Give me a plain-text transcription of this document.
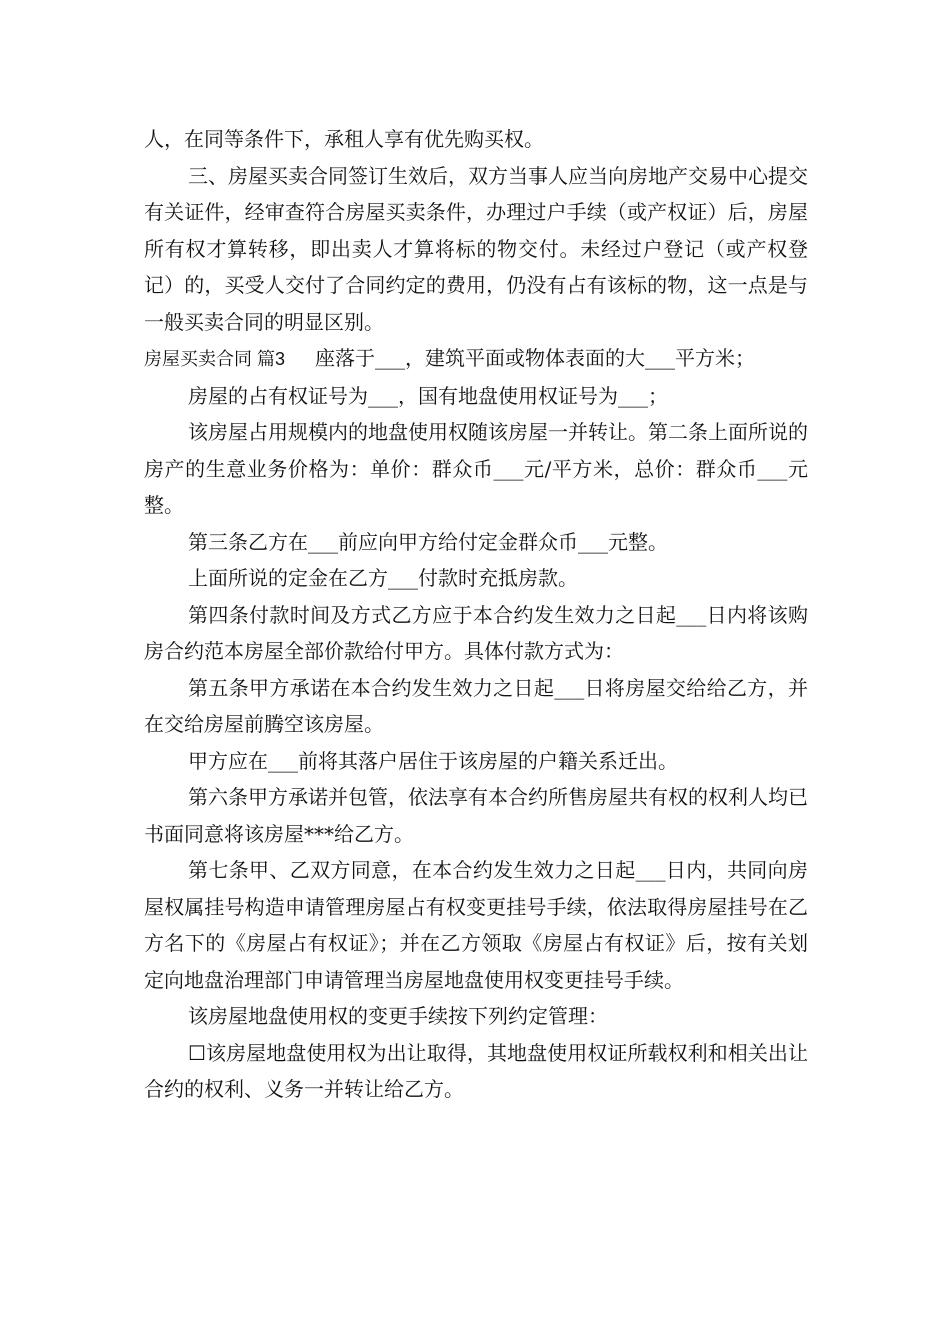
人，在同等条件下，承租人享有优先购买权。

三、房屋买卖合同签订生效后，双方当事人应当向房地产交易中心提交有关证件，经审查符合房屋买卖条件，办理过户手续（或产权证）后，房屋所有权才算转移，即出卖人才算将标的物交付。未经过户登记（或产权登记）的，买受人交付了合同约定的费用，仍没有占有该标的物，这一点是与一般买卖合同的明显区别。

房屋买卖合同 篇3 座落于___，建筑平面或物体表面的大___平方米；

房屋的占有权证号为___，国有地盘使用权证号为___；

该房屋占用规模内的地盘使用权随该房屋一并转让。第二条上面所说的房产的生意业务价格为：单价：群众币___元/平方米，总价：群众币___元整。

第三条乙方在___前应向甲方给付定金群众币___元整。

上面所说的定金在乙方___付款时充抵房款。

第四条付款时间及方式乙方应于本合约发生效力之日起___日内将该购房合约范本房屋全部价款给付甲方。具体付款方式为：

第五条甲方承诺在本合约发生效力之日起___日将房屋交给给乙方，并在交给房屋前腾空该房屋。

甲方应在___前将其落户居住于该房屋的户籍关系迁出。

第六条甲方承诺并包管，依法享有本合约所售房屋共有权的权利人均已书面同意将该房屋***给乙方。

第七条甲、乙双方同意，在本合约发生效力之日起___日内，共同向房屋权属挂号构造申请管理房屋占有权变更挂号手续，依法取得房屋挂号在乙方名下的《房屋占有权证》；并在乙方领取《房屋占有权证》后，按有关划定向地盘治理部门申请管理当房屋地盘使用权变更挂号手续。

该房屋地盘使用权的变更手续按下列约定管理：

☐该房屋地盘使用权为出让取得，其地盘使用权证所载权利和相关出让合约的权利、义务一并转让给乙方。
